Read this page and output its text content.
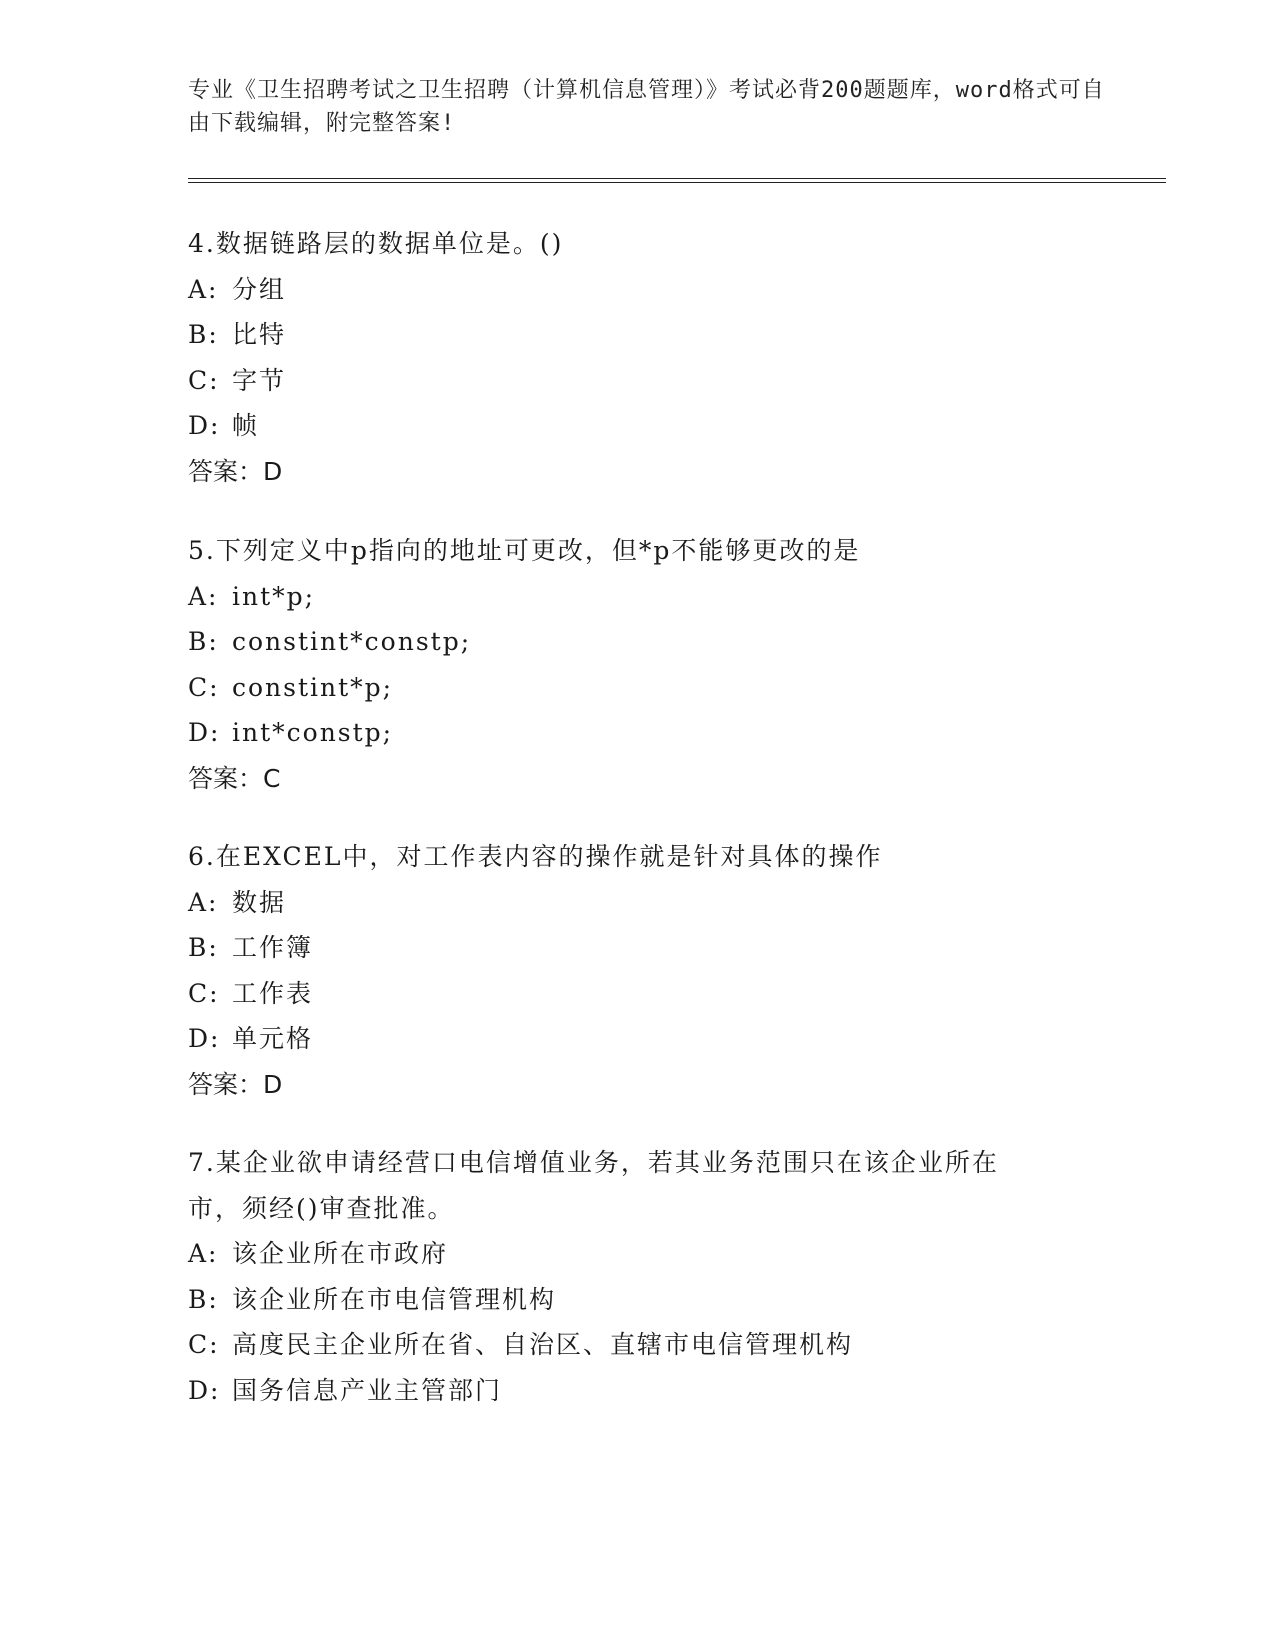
专业《卫生招聘考试之卫生招聘（计算机信息管理）》考试必背200题题库，word格式可自由下载编辑，附完整答案!
4.数据链路层的数据单位是。()
A: 分组
B: 比特
C: 字节
D: 帧
答案：D
5.下列定义中p指向的地址可更改，但*p不能够更改的是
A: int*p;
B: constint*constp;
C: constint*p;
D: int*constp;
答案：C
6.在EXCEL中，对工作表内容的操作就是针对具体的操作
A: 数据
B: 工作簿
C: 工作表
D: 单元格
答案：D
7.某企业欲申请经营口电信增值业务，若其业务范围只在该企业所在市，须经()审查批准。
A: 该企业所在市政府
B: 该企业所在市电信管理机构
C: 高度民主企业所在省、自治区、直辖市电信管理机构
D: 国务信息产业主管部门
